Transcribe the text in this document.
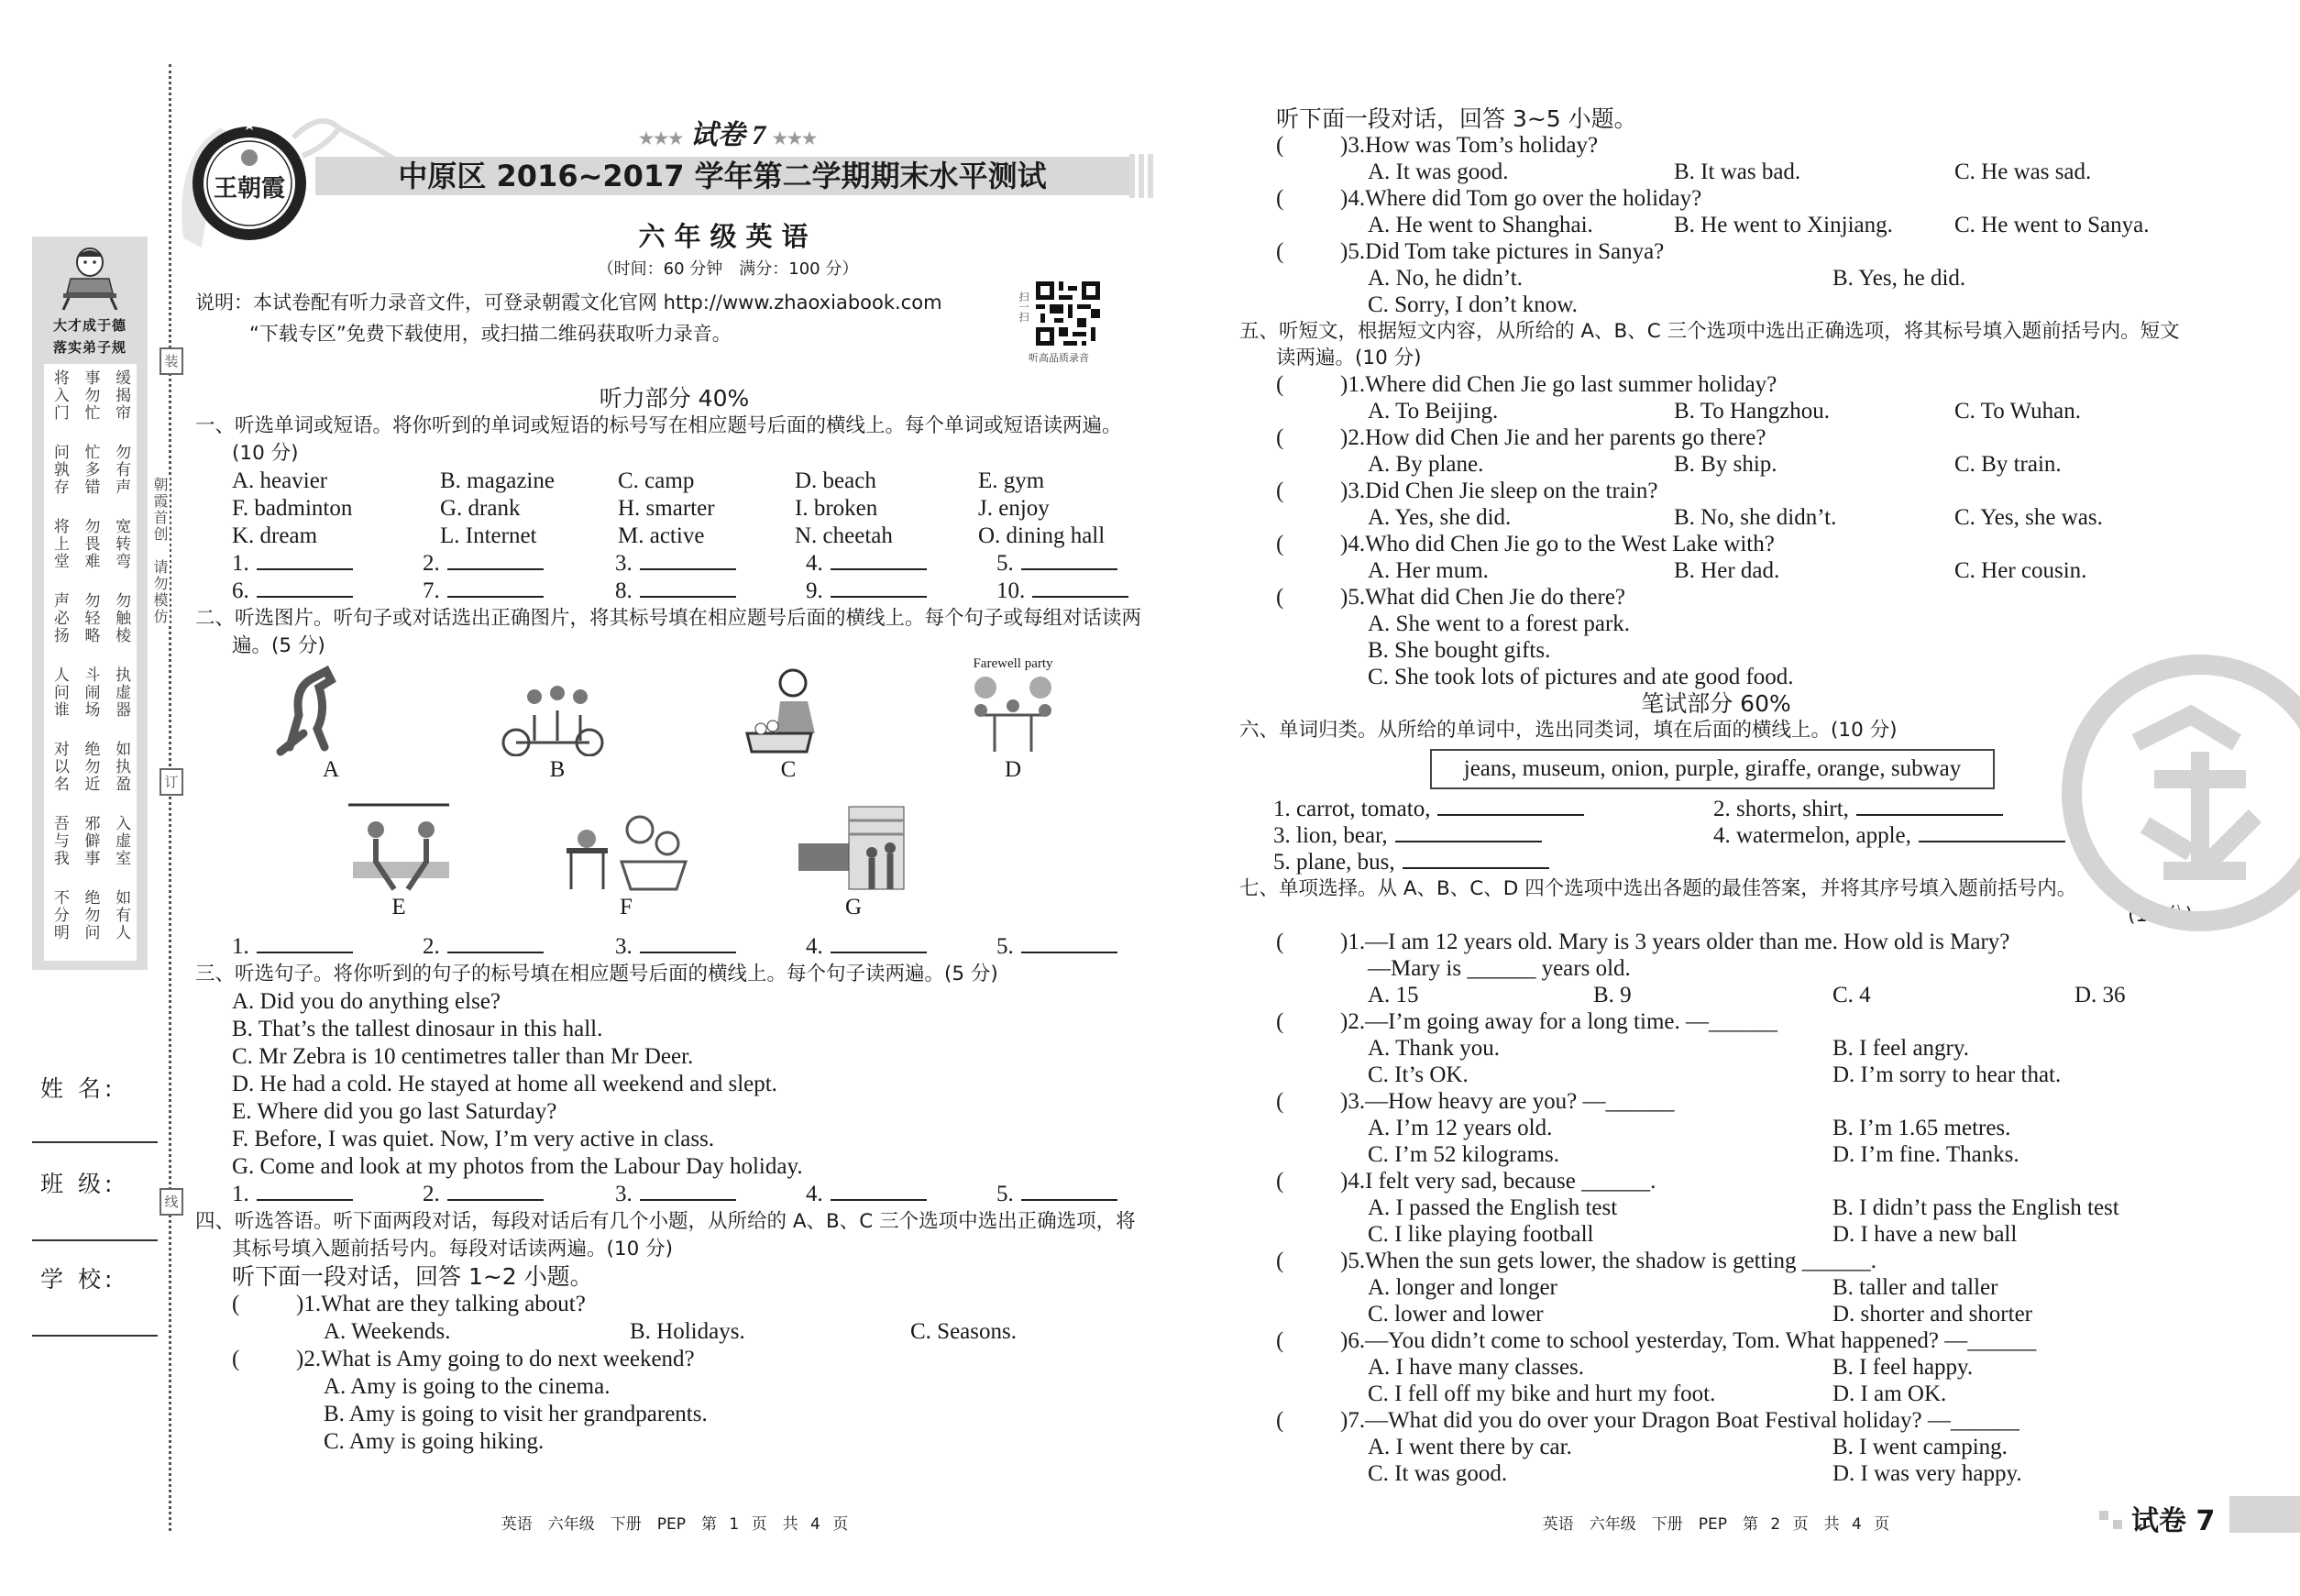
装
订
线
朝霞首创　请勿模仿
大才成于德
落实弟子规
将入门 事勿忙 缓揭帘
问孰存 忙多错 勿有声
将上堂 勿畏难 宽转弯
声必扬 勿轻略 勿触棱
人问谁 斗闹场 执虚器
对以名 绝勿近 如执盈
吾与我 邪僻事 入虚室
不分明 绝勿问 如有人
姓 名:
班 级:
学 校:
王朝霞
★★★ 试卷 7 ★★★
中原区 2016~2017 学年第二学期期末水平测试
六年级英语
（时间：60 分钟　满分：100 分）
说明：本试卷配有听力录音文件，可登录朝霞文化官网 http://www.zhaoxiabook.com
“下载专区”免费下载使用，或扫描二维码获取听力录音。
扫一扫
听高品质录音
听力部分 40%
一、听选单词或短语。将你听到的单词或短语的标号写在相应题号后面的横线上。每个单词或短语读两遍。(10 分)
A. heavier	B. magazine	C. camp	D. beach	E. gym
F. badminton	G. drank	H. smarter	I. broken	J. enjoy
K. dream	L. Internet	M. active	N. cheetah	O. dining hall
1.	2.	3.	4.	5.
6.	7.	8.	9.	10.
二、听选图片。听句子或对话选出正确图片，将其标号填在相应题号后面的横线上。每个句子或每组对话读两遍。(5 分)
A	B	C
Farewell party
D
E	F	G
1.	2.	3.	4.	5.
三、听选句子。将你听到的句子的标号填在相应题号后面的横线上。每个句子读两遍。(5 分)
A. Did you do anything else?
B. That’s the tallest dinosaur in this hall.
C. Mr Zebra is 10 centimetres taller than Mr Deer.
D. He had a cold. He stayed at home all weekend and slept.
E. Where did you go last Saturday?
F. Before, I was quiet. Now, I’m very active in class.
G. Come and look at my photos from the Labour Day holiday.
1.	2.	3.	4.	5.
四、听选答语。听下面两段对话，每段对话后有几个小题，从所给的 A、B、C 三个选项中选出正确选项，将其标号填入题前括号内。每段对话读两遍。(10 分)
听下面一段对话，回答 1~2 小题。
(	)1.What are they talking about?
A. Weekends.	B. Holidays.	C. Seasons.
(	)2.What is Amy going to do next weekend?
A. Amy is going to the cinema.
B. Amy is going to visit her grandparents.
C. Amy is going hiking.
听下面一段对话，回答 3~5 小题。
(	)3.How was Tom’s holiday?
A. It was good.	B. It was bad.	C. He was sad.
(	)4.Where did Tom go over the holiday?
A. He went to Shanghai.	B. He went to Xinjiang.	C. He went to Sanya.
(	)5.Did Tom take pictures in Sanya?
A. No, he didn’t.	B. Yes, he did.
C. Sorry, I don’t know.
五、听短文，根据短文内容，从所给的 A、B、C 三个选项中选出正确选项，将其标号填入题前括号内。短文读两遍。(10 分)
(	)1.Where did Chen Jie go last summer holiday?
A. To Beijing.	B. To Hangzhou.	C. To Wuhan.
(	)2.How did Chen Jie and her parents go there?
A. By plane.	B. By ship.	C. By train.
(	)3.Did Chen Jie sleep on the train?
A. Yes, she did.	B. No, she didn’t.	C. Yes, she was.
(	)4.Who did Chen Jie go to the West Lake with?
A. Her mum.	B. Her dad.	C. Her cousin.
(	)5.What did Chen Jie do there?
A. She went to a forest park.
B. She bought gifts.
C. She took lots of pictures and ate good food.
笔试部分 60%
六、单词归类。从所给的单词中，选出同类词，填在后面的横线上。(10 分)
jeans, museum, onion, purple, giraffe, orange, subway
1. carrot, tomato,	2. shorts, shirt,
3. lion, bear,	4. watermelon, apple,
5. plane, bus,
七、单项选择。从 A、B、C、D 四个选项中选出各题的最佳答案，并将其序号填入题前括号内。
(10 分)
(	)1.—I am 12 years old. Mary is 3 years older than me. How old is Mary?
—Mary is ______ years old.
A. 15	B. 9	C. 4	D. 36
(	)2.—I’m going away for a long time. —______
A. Thank you.	B. I feel angry.
C. It’s OK.	D. I’m sorry to hear that.
(	)3.—How heavy are you? —______
A. I’m 12 years old.	B. I’m 1.65 metres.
C. I’m 52 kilograms.	D. I’m fine. Thanks.
(	)4.I felt very sad, because ______.
A. I passed the English test	B. I didn’t pass the English test
C. I like playing football	D. I have a new ball
(	)5.When the sun gets lower, the shadow is getting ______.
A. longer and longer	B. taller and taller
C. lower and lower	D. shorter and shorter
(	)6.—You didn’t come to school yesterday, Tom. What happened? —______
A. I have many classes.	B. I feel happy.
C. I fell off my bike and hurt my foot.	D. I am OK.
(	)7.—What did you do over your Dragon Boat Festival holiday? —______
A. I went there by car.	B. I went camping.
C. It was good.	D. I was very happy.
英语　六年级　下册　PEP　第 1 页　共 4 页	英语　六年级　下册　PEP　第 2 页　共 4 页	试卷 7
